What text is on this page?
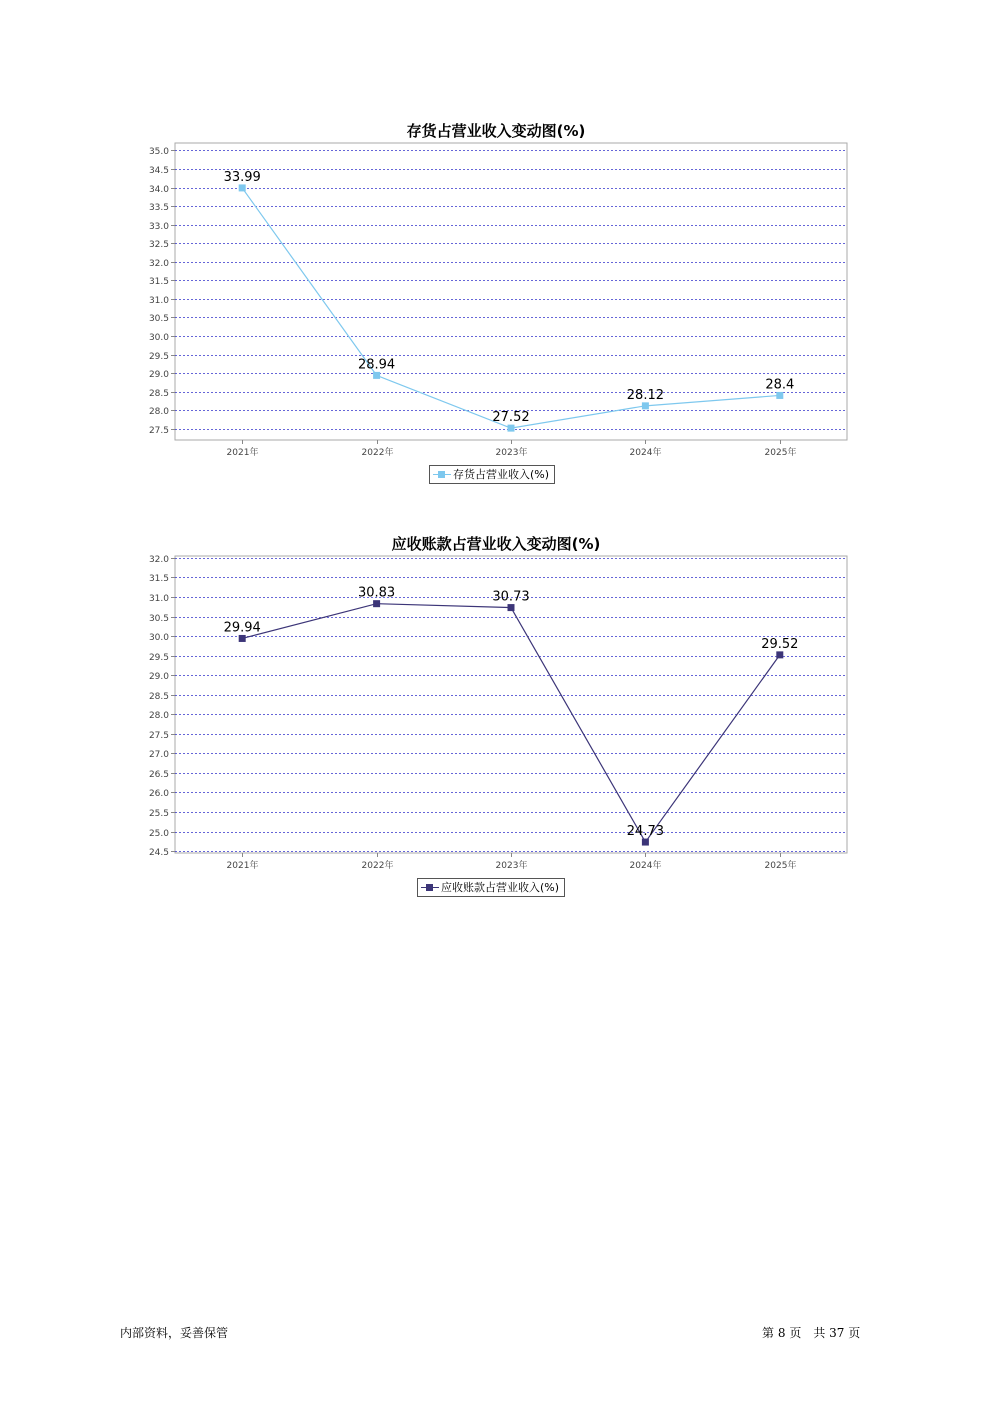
存货占营业收入变动图(%)
27.5
28.0
28.5
29.0
29.5
30.0
30.5
31.0
31.5
32.0
32.5
33.0
33.5
34.0
34.5
35.0
2021年	2022年	2023年	2024年	2025年
33.99
28.94
27.52
28.12
28.4
存货占营业收入(%)
应收账款占营业收入变动图(%)
24.5
25.0
25.5
26.0
26.5
27.0
27.5
28.0
28.5
29.0
29.5
30.0
30.5
31.0
31.5
32.0
2021年	2022年	2023年	2024年	2025年
29.94
30.83	30.73
24.73
29.52
应收账款占营业收入(%)
内部资料，妥善保管	第 8 页　共 37 页
